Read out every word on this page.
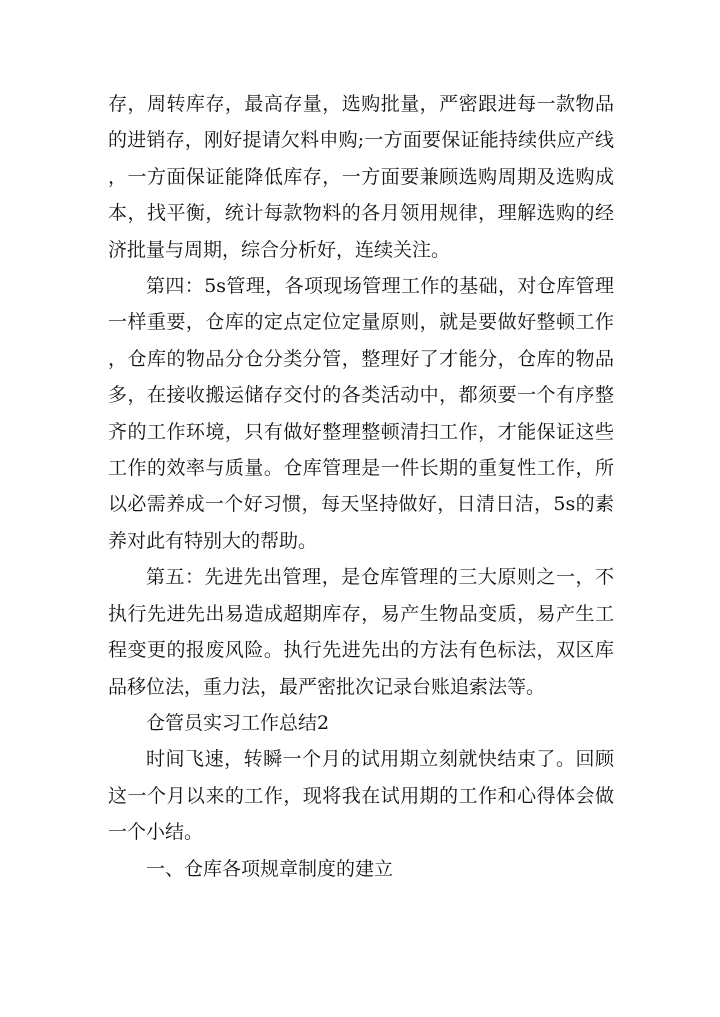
存，周转库存，最高存量，选购批量，严密跟进每一款物品的进销存，刚好提请欠料申购;一方面要保证能持续供应产线，一方面保证能降低库存，一方面要兼顾选购周期及选购成本，找平衡，统计每款物料的各月领用规律，理解选购的经济批量与周期，综合分析好，连续关注。

第四：5s管理，各项现场管理工作的基础，对仓库管理一样重要，仓库的定点定位定量原则，就是要做好整顿工作，仓库的物品分仓分类分管，整理好了才能分，仓库的物品多，在接收搬运储存交付的各类活动中，都须要一个有序整齐的工作环境，只有做好整理整顿清扫工作，才能保证这些工作的效率与质量。仓库管理是一件长期的重复性工作，所以必需养成一个好习惯，每天坚持做好，日清日洁，5s的素养对此有特别大的帮助。

第五：先进先出管理，是仓库管理的三大原则之一，不执行先进先出易造成超期库存，易产生物品变质，易产生工程变更的报废风险。执行先进先出的方法有色标法，双区库品移位法，重力法，最严密批次记录台账追索法等。

仓管员实习工作总结2

时间飞速，转瞬一个月的试用期立刻就快结束了。回顾这一个月以来的工作，现将我在试用期的工作和心得体会做一个小结。

一、仓库各项规章制度的建立
